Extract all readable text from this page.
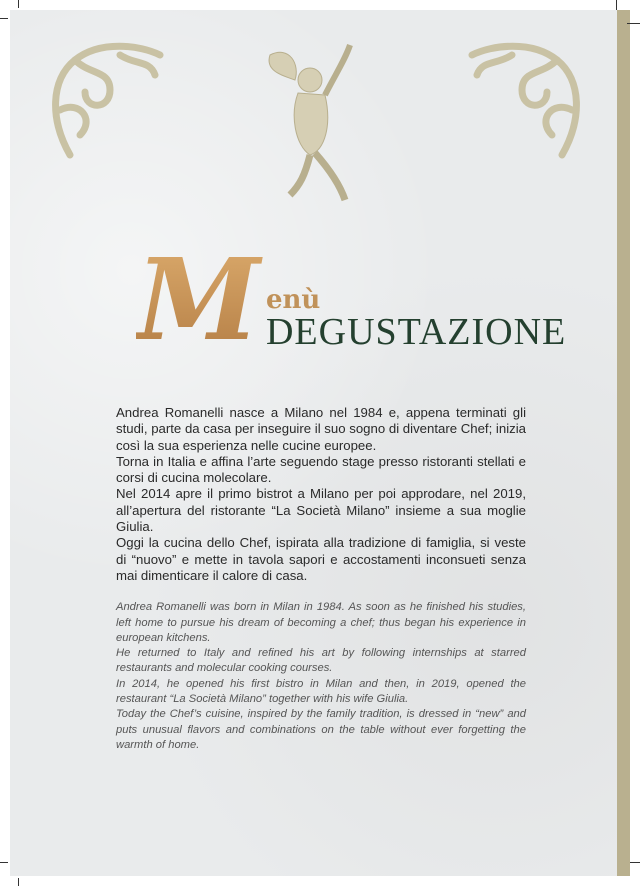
M enù
DEGUSTAZIONE

Andrea Romanelli nasce a Milano nel 1984 e, appena terminati gli studi, parte da casa per inseguire il suo sogno di diventare Chef; inizia così la sua esperienza nelle cucine europee.

Torna in Italia e affina l’arte seguendo stage presso ristoranti stellati e corsi di cucina molecolare.

Nel 2014 apre il primo bistrot a Milano per poi approdare, nel 2019, all’apertura del ristorante “La Società Milano” insieme a sua moglie Giulia.

Oggi la cucina dello Chef, ispirata alla tradizione di famiglia, si veste di “nuovo” e mette in tavola sapori e accostamenti inconsueti senza mai dimenticare il calore di casa.

Andrea Romanelli was born in Milan in 1984. As soon as he finished his studies, left home to pursue his dream of becoming a chef; thus began his experience in european kitchens.

He returned to Italy and refined his art by following internships at starred restaurants and molecular cooking courses.

In 2014, he opened his first bistro in Milan and then, in 2019, opened the restaurant “La Società Milano” together with his wife Giulia.

Today the Chef’s cuisine, inspired by the family tradition, is dressed in “new” and puts unusual flavors and combinations on the table without ever forgetting the warmth of home.
